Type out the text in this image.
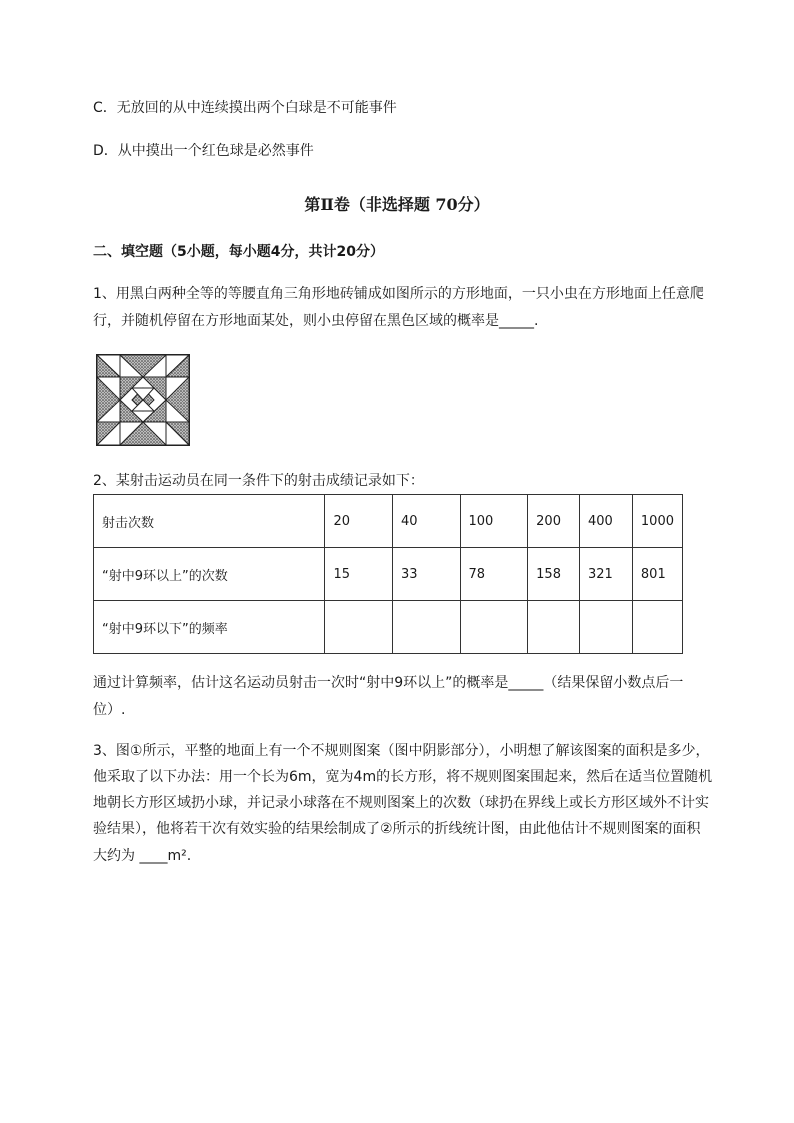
C．无放回的从中连续摸出两个白球是不可能事件
D．从中摸出一个红色球是必然事件
第Ⅱ卷（非选择题 70分）
二、填空题（5小题，每小题4分，共计20分）
1、用黑白两种全等的等腰直角三角形地砖铺成如图所示的方形地面，一只小虫在方形地面上任意爬
行，并随机停留在方形地面某处，则小虫停留在黑色区域的概率是_____.
2、某射击运动员在同一条件下的射击成绩记录如下：
射击次数	20	40	100	200	400	1000
“射中9环以上”的次数	15	33	78	158	321	801
“射中9环以下”的频率						
通过计算频率，估计这名运动员射击一次时“射中9环以上”的概率是_____（结果保留小数点后一
位）.
3、图①所示，平整的地面上有一个不规则图案（图中阴影部分），小明想了解该图案的面积是多少，
他采取了以下办法：用一个长为6m，宽为4m的长方形，将不规则图案围起来，然后在适当位置随机
地朝长方形区域扔小球，并记录小球落在不规则图案上的次数（球扔在界线上或长方形区域外不计实
验结果），他将若干次有效实验的结果绘制成了②所示的折线统计图，由此他估计不规则图案的面积
大约为 ____m².
